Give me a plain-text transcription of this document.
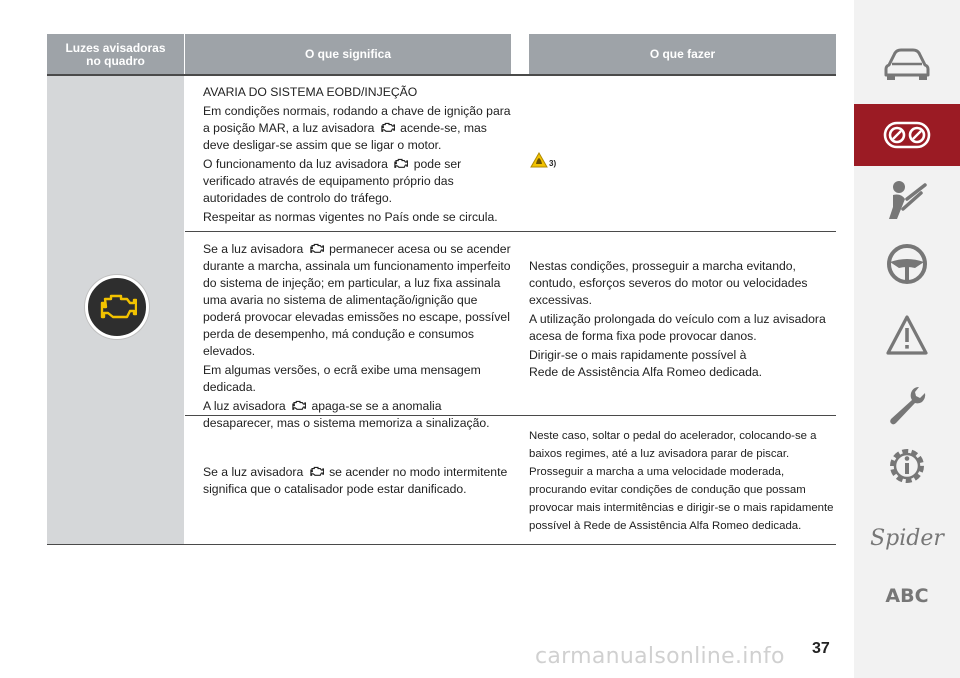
Luzes avisadoras
no quadro	O que significa	O que fazer

AVARIA DO SISTEMA EOBD/INJEÇÃO

Em condições normais, rodando a chave de ignição para a posição MAR, a luz avisadora acende-se, mas deve desligar-se assim que se ligar o motor.

O funcionamento da luz avisadora pode ser verificado através de equipamento próprio das autoridades de controlo do tráfego.

Respeitar as normas vigentes no País onde se circula.

3)

Se a luz avisadora permanecer acesa ou se acender durante a marcha, assinala um funcionamento imperfeito do sistema de injeção; em particular, a luz fixa assinala uma avaria no sistema de alimentação/ignição que poderá provocar elevadas emissões no escape, possível perda de desempenho, má condução e consumos elevados.

Em algumas versões, o ecrã exibe uma mensagem dedicada.

A luz avisadora apaga-se se a anomalia desaparecer, mas o sistema memoriza a sinalização.

Nestas condições, prosseguir a marcha evitando, contudo, esforços severos do motor ou velocidades excessivas.

A utilização prolongada do veículo com a luz avisadora acesa de forma fixa pode provocar danos.

Dirigir-se o mais rapidamente possível à

Rede de Assistência Alfa Romeo dedicada.

Se a luz avisadora se acender no modo intermitente significa que o catalisador pode estar danificado.

Neste caso, soltar o pedal do acelerador, colocando-se a baixos regimes, até a luz avisadora parar de piscar. Prosseguir a marcha a uma velocidade moderada, procurando evitar condições de condução que possam provocar mais intermitências e dirigir-se o mais rapidamente possível à Rede de Assistência Alfa Romeo dedicada.

37
carmanualsonline.info
Spider
ABC
